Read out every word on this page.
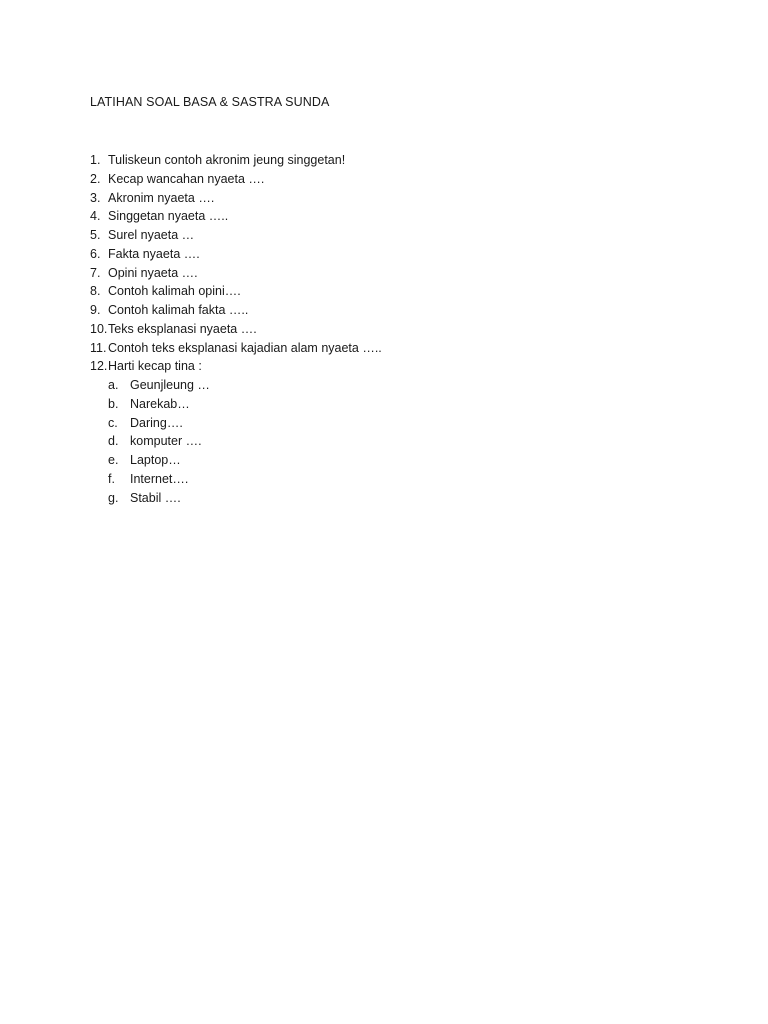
LATIHAN SOAL BASA & SASTRA SUNDA
1. Tuliskeun contoh akronim jeung singgetan!
2. Kecap wancahan nyaeta ….
3. Akronim nyaeta ….
4. Singgetan nyaeta …..
5. Surel nyaeta …
6. Fakta nyaeta ….
7. Opini nyaeta ….
8. Contoh kalimah opini….
9. Contoh kalimah fakta …..
10.Teks eksplanasi nyaeta ….
11. Contoh teks eksplanasi kajadian alam nyaeta …..
12.Harti kecap tina :
a. Geunjleung …
b. Narekab…
c. Daring….
d. komputer ….
e. Laptop…
f. Internet….
g. Stabil ….
